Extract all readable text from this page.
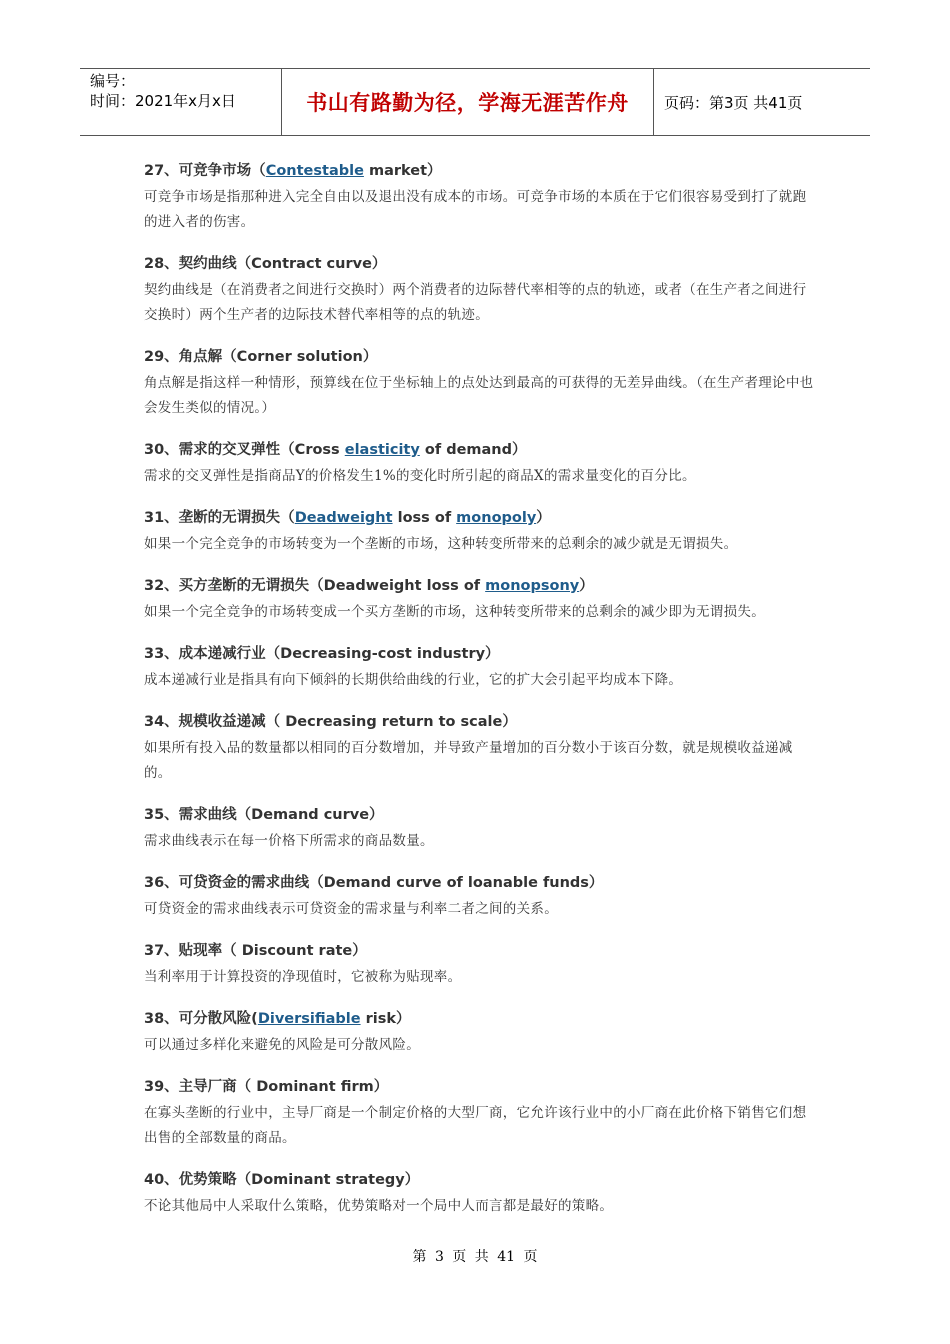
编号：
时间：2021年x月x日	书山有路勤为径，学海无涯苦作舟	页码：第3页 共41页
27、可竞争市场（Contestable market）
可竞争市场是指那种进入完全自由以及退出没有成本的市场。可竞争市场的本质在于它们很容易受到打了就跑的进入者的伤害。
28、契约曲线（Contract curve）
契约曲线是（在消费者之间进行交换时）两个消费者的边际替代率相等的点的轨迹，或者（在生产者之间进行交换时）两个生产者的边际技术替代率相等的点的轨迹。
29、角点解（Corner solution）
角点解是指这样一种情形，预算线在位于坐标轴上的点处达到最高的可获得的无差异曲线。（在生产者理论中也会发生类似的情况。）
30、需求的交叉弹性（Cross elasticity of demand）
需求的交叉弹性是指商品Y的价格发生1%的变化时所引起的商品X的需求量变化的百分比。
31、垄断的无谓损失（Deadweight loss of monopoly）
如果一个完全竞争的市场转变为一个垄断的市场，这种转变所带来的总剩余的减少就是无谓损失。
32、买方垄断的无谓损失（Deadweight loss of monopsony）
如果一个完全竞争的市场转变成一个买方垄断的市场，这种转变所带来的总剩余的减少即为无谓损失。
33、成本递减行业（Decreasing-cost industry）
成本递减行业是指具有向下倾斜的长期供给曲线的行业，它的扩大会引起平均成本下降。
34、规模收益递减（ Decreasing return to scale）
如果所有投入品的数量都以相同的百分数增加，并导致产量增加的百分数小于该百分数，就是规模收益递减的。
35、需求曲线（Demand curve）
需求曲线表示在每一价格下所需求的商品数量。
36、可贷资金的需求曲线（Demand curve of loanable funds）
可贷资金的需求曲线表示可贷资金的需求量与利率二者之间的关系。
37、贴现率（ Discount rate）
当利率用于计算投资的净现值时，它被称为贴现率。
38、可分散风险(Diversifiable risk）
可以通过多样化来避免的风险是可分散风险。
39、主导厂商（ Dominant firm）
在寡头垄断的行业中，主导厂商是一个制定价格的大型厂商，它允许该行业中的小厂商在此价格下销售它们想出售的全部数量的商品。
40、优势策略（Dominant strategy）
不论其他局中人采取什么策略，优势策略对一个局中人而言都是最好的策略。
第 3 页 共 41 页
